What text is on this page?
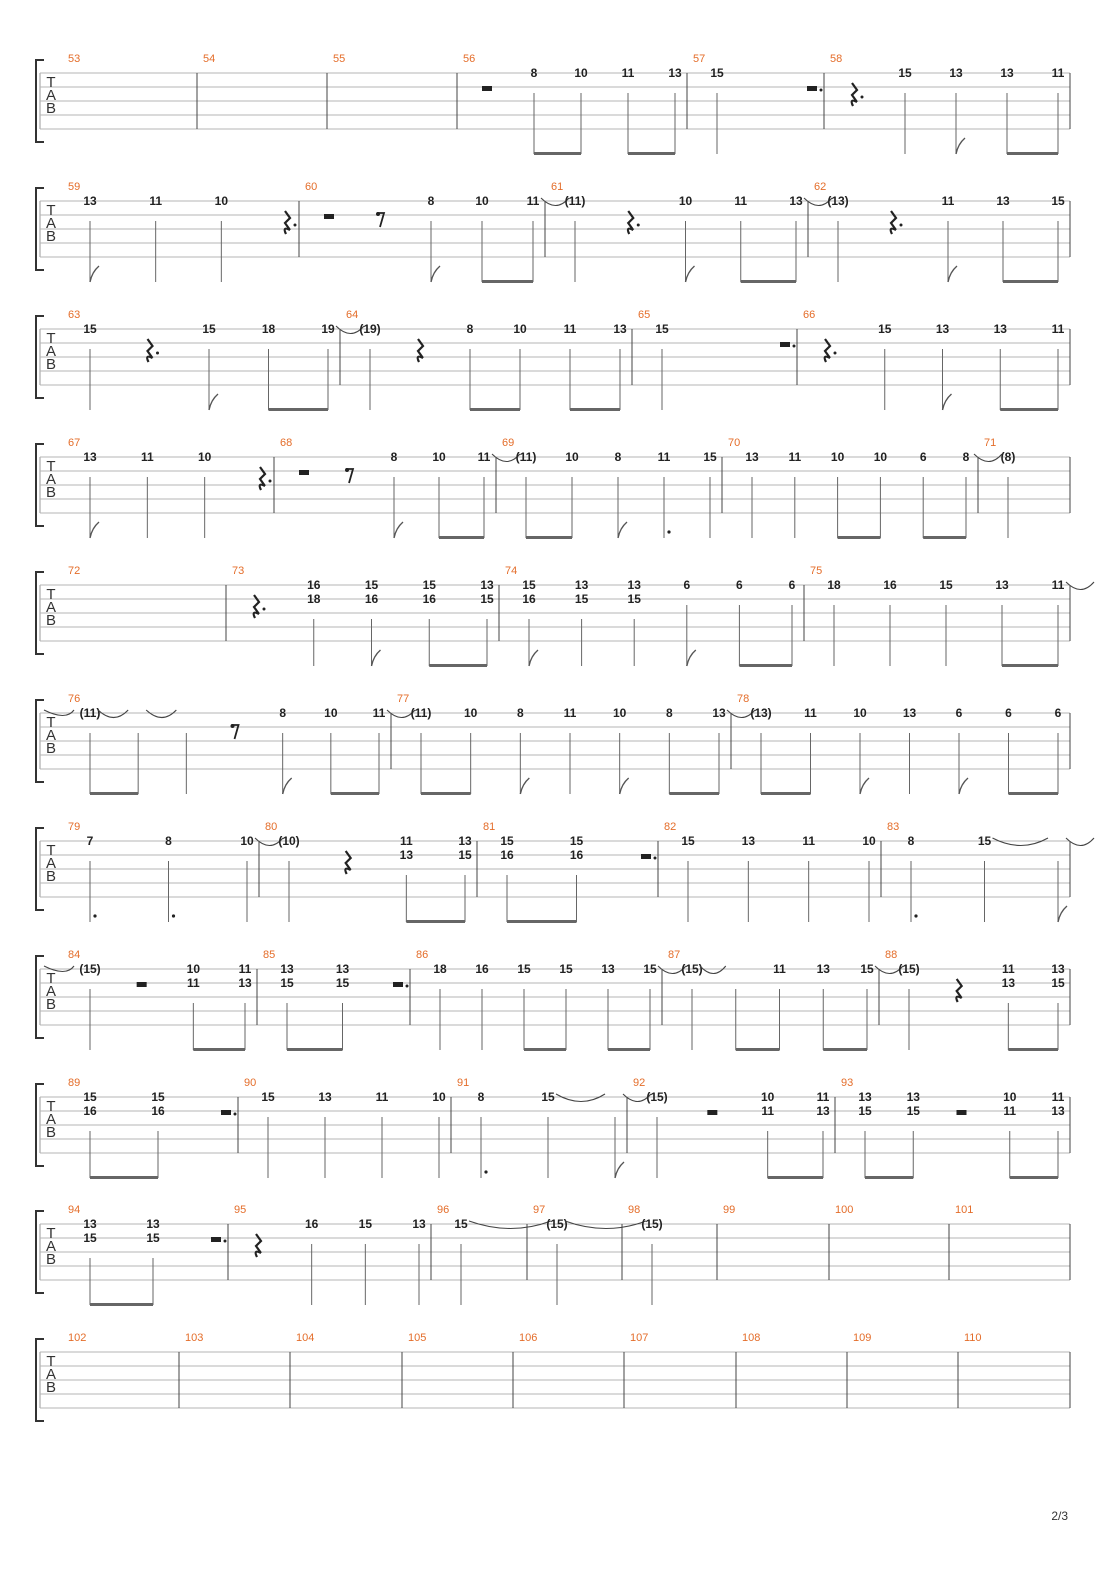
T
A
B
53	54	55	56
8	10	11	13
57
15
58
15	13	13	11
T
A
B
59
13	11	10
60
8	10	11
61
(11)	10	11	13
62
(13)	11	13	15
T
A
B
63
15	15	18	19
64
(19)	8	10	11	13
65
15
66
15	13	13	11
T
A
B
67
13	11	10
68
8	10	11
69
(11) 10	8	11	15
70
13 11 10 10	6	8
71
(8)
T
A
B
72	73
16
18
15
16
15
16
13
15
74
15
16
13
15
13
15
6	6	6
75
18	16	15	13	11
T
A
B
76
(11)	8	10	11
77
(11)	10	8	11	10	8	13
78
(13)	11	10	13	6	6	6
T
A
B
79
7	8	10
80
(10)	11
13
13
15
81
15
16
15
16
82
15	13	11	10
83
8	15
T
A
B
84
(15)	10
11
11
13
85
13
15
13
15
86
18 16 15 15 13 15
87
(15)	11	13	15
88
(15)	11
13
13
15
T
A
B
89
15
16
15
16
90
15	13	11	10
91
8	15
92
(15)	10
11
11
13
93
13
15
13
15
10
11
11
13
T
A
B
94
13
15
13
15
95
16	15	13
96
15
97
(15)
98
(15)
99	100	101
T
A
B
102	103	104	105	106	107	108	109	110
2/3
